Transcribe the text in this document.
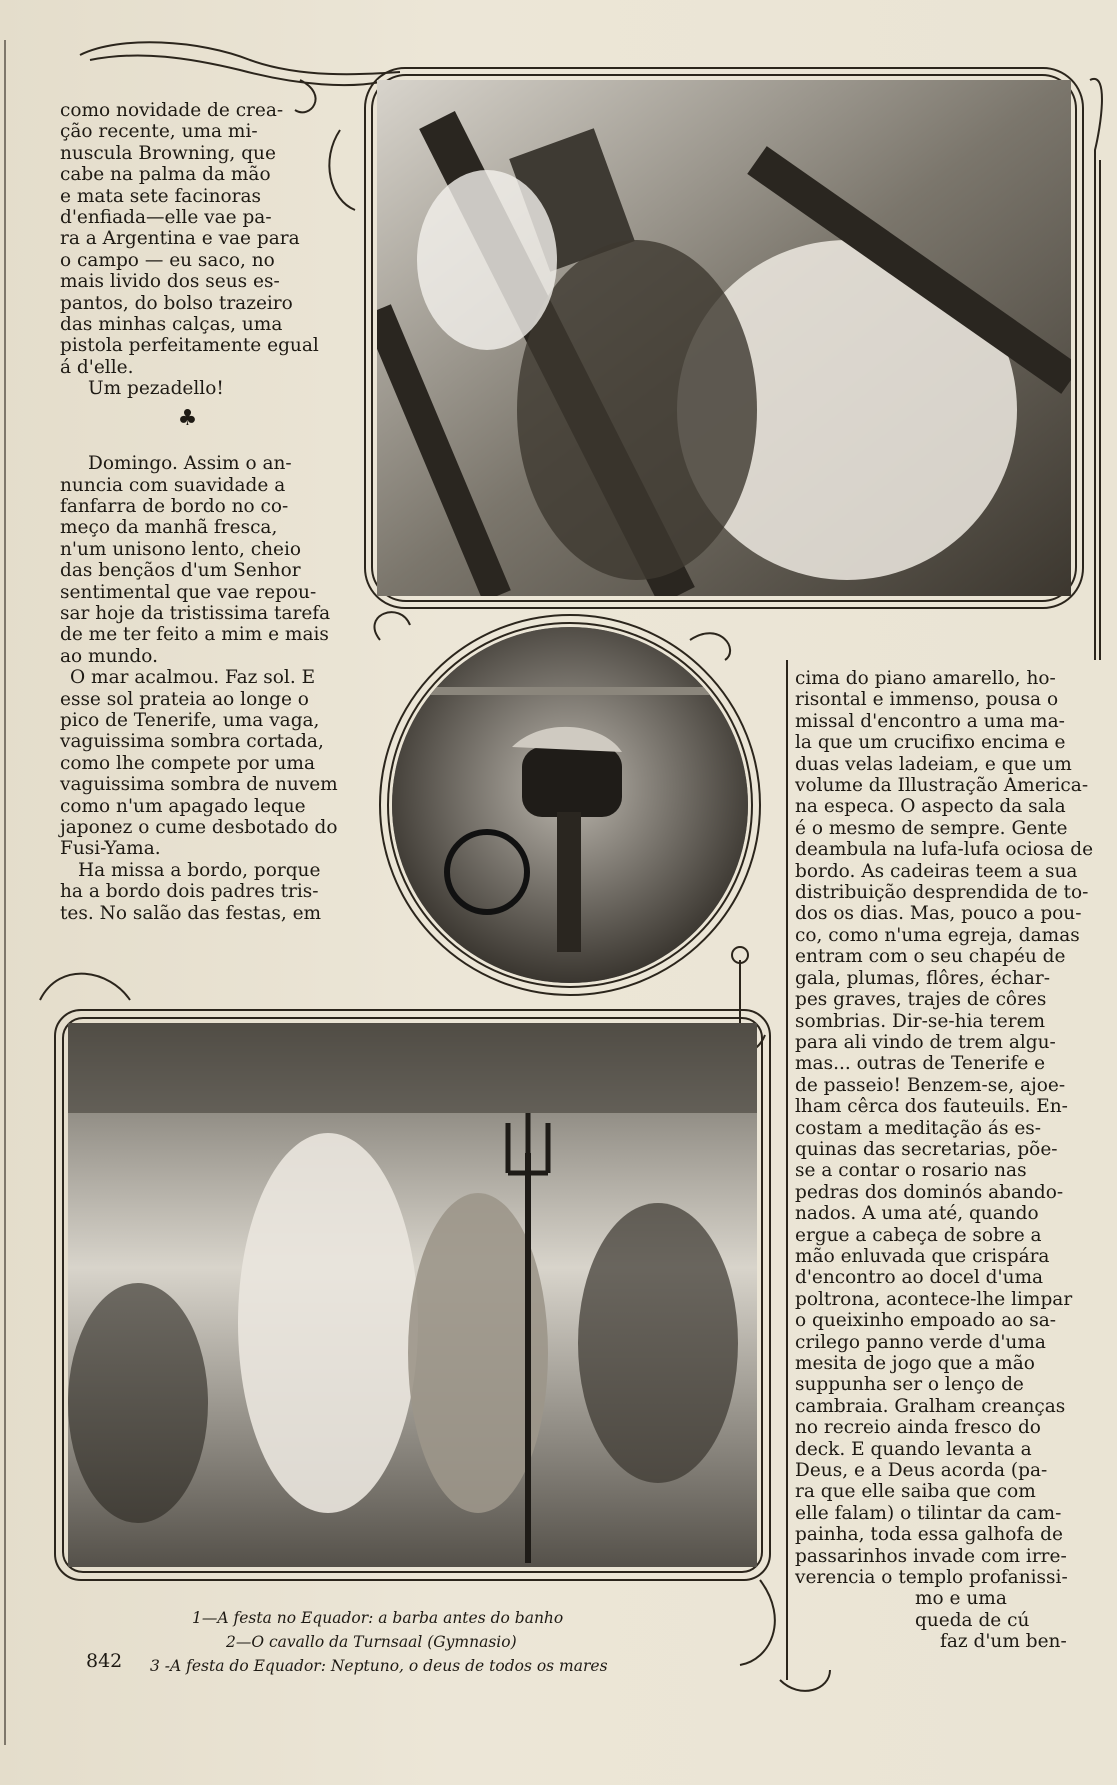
como novidade de crea-
ção recente, uma mi-
nuscula Browning, que
cabe na palma da mão
e mata sete facinoras
d'enfiada—elle vae pa-
ra a Argentina e vae para
o campo — eu saco, no
mais livido dos seus es-
pantos, do bolso trazeiro
das minhas calças, uma
pistola perfeitamente egual
á d'elle.
Um pezadello!
♣
Domingo. Assim o an-
nuncia com suavidade a
fanfarra de bordo no co-
meço da manhã fresca,
n'um unisono lento, cheio
das bençãos d'um Senhor
sentimental que vae repou-
sar hoje da tristissima tarefa
de me ter feito a mim e mais
ao mundo.
O mar acalmou. Faz sol. E
esse sol prateia ao longe o
pico de Tenerife, uma vaga,
vaguissima sombra cortada,
como lhe compete por uma
vaguissima sombra de nuvem
como n'um apagado leque
japonez o cume desbotado do
Fusi-Yama.
Ha missa a bordo, porque
ha a bordo dois padres tris-
tes. No salão das festas, em
cima do piano amarello, ho-
risontal e immenso, pousa o
missal d'encontro a uma ma-
la que um crucifixo encima e
duas velas ladeiam, e que um
volume da Illustração America-
na especa. O aspecto da sala
é o mesmo de sempre. Gente
deambula na lufa-lufa ociosa de
bordo. As cadeiras teem a sua
distribuição desprendida de to-
dos os dias. Mas, pouco a pou-
co, como n'uma egreja, damas
entram com o seu chapéu de
gala, plumas, flôres, échar-
pes graves, trajes de côres
sombrias. Dir-se-hia terem
para ali vindo de trem algu-
mas... outras de Tenerife e
de passeio! Benzem-se, ajoe-
lham cêrca dos fauteuils. En-
costam a meditação ás es-
quinas das secretarias, põe-
se a contar o rosario nas
pedras dos dominós abando-
nados. A uma até, quando
ergue a cabeça de sobre a
mão enluvada que crispára
d'encontro ao docel d'uma
poltrona, acontece-lhe limpar
o queixinho empoado ao sa-
crilego panno verde d'uma
mesita de jogo que a mão
suppunha ser o lenço de
cambraia. Gralham creanças
no recreio ainda fresco do
deck. E quando levanta a
Deus, e a Deus acorda (pa-
ra que elle saiba que com
elle falam) o tilintar da cam-
painha, toda essa galhofa de
passarinhos invade com irre-
verencia o templo profanissi-
mo e uma
queda de cú
faz d'um ben-
1—A festa no Equador: a barba antes do banho
2—O cavallo da Turnsaal (Gymnasio)
3 -A festa do Equador: Neptuno, o deus de todos os mares
842
